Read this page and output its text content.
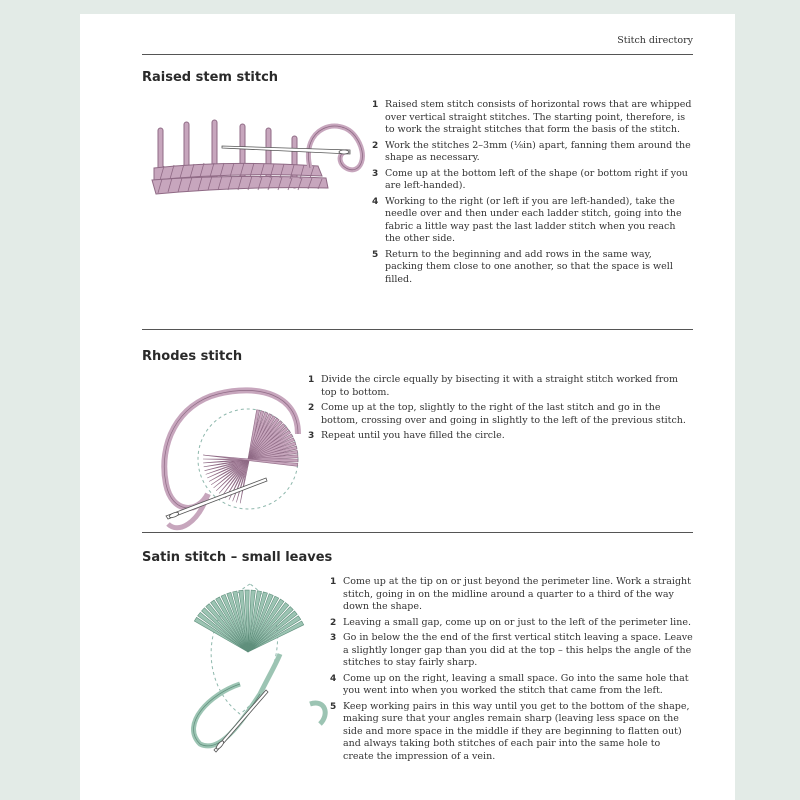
Stitch directory
Raised stem stitch
1 Raised stem stitch consists of horizontal rows that are whipped over vertical straight stitches. The starting point, therefore, is to work the straight stitches that form the basis of the stitch.
2 Work the stitches 2–3mm (⅛in) apart, fanning them around the shape as necessary.
3 Come up at the bottom left of the shape (or bottom right if you are left-handed).
4 Working to the right (or left if you are left-handed), take the needle over and then under each ladder stitch, going into the fabric a little way past the last ladder stitch when you reach the other side.
5 Return to the beginning and add rows in the same way, packing them close to one another, so that the space is well filled.
Rhodes stitch
1 Divide the circle equally by bisecting it with a straight stitch worked from top to bottom.
2 Come up at the top, slightly to the right of the last stitch and go in the bottom, crossing over and going in slightly to the left of the previous stitch.
3 Repeat until you have filled the circle.
Satin stitch – small leaves
1 Come up at the tip on or just beyond the perimeter line. Work a straight stitch, going in on the midline around a quarter to a third of the way down the shape.
2 Leaving a small gap, come up on or just to the left of the perimeter line.
3 Go in below the the end of the first vertical stitch leaving a space. Leave a slightly longer gap than you did at the top – this helps the angle of the stitches to stay fairly sharp.
4 Come up on the right, leaving a small space. Go into the same hole that you went into when you worked the stitch that came from the left.
5 Keep working pairs in this way until you get to the bottom of the shape, making sure that your angles remain sharp (leaving less space on the side and more space in the middle if they are beginning to flatten out) and always taking both stitches of each pair into the same hole to create the impression of a vein.
